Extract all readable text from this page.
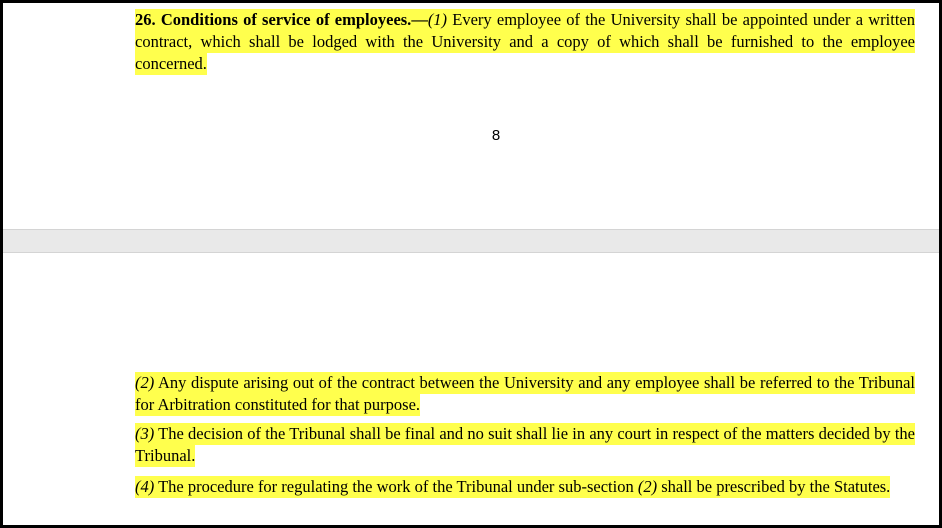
26. Conditions of service of employees.—(1) Every employee of the University shall be appointed under a written contract, which shall be lodged with the University and a copy of which shall be furnished to the employee concerned.
8
(2) Any dispute arising out of the contract between the University and any employee shall be referred to the Tribunal for Arbitration constituted for that purpose.
(3) The decision of the Tribunal shall be final and no suit shall lie in any court in respect of the matters decided by the Tribunal.
(4) The procedure for regulating the work of the Tribunal under sub-section (2) shall be prescribed by the Statutes.
